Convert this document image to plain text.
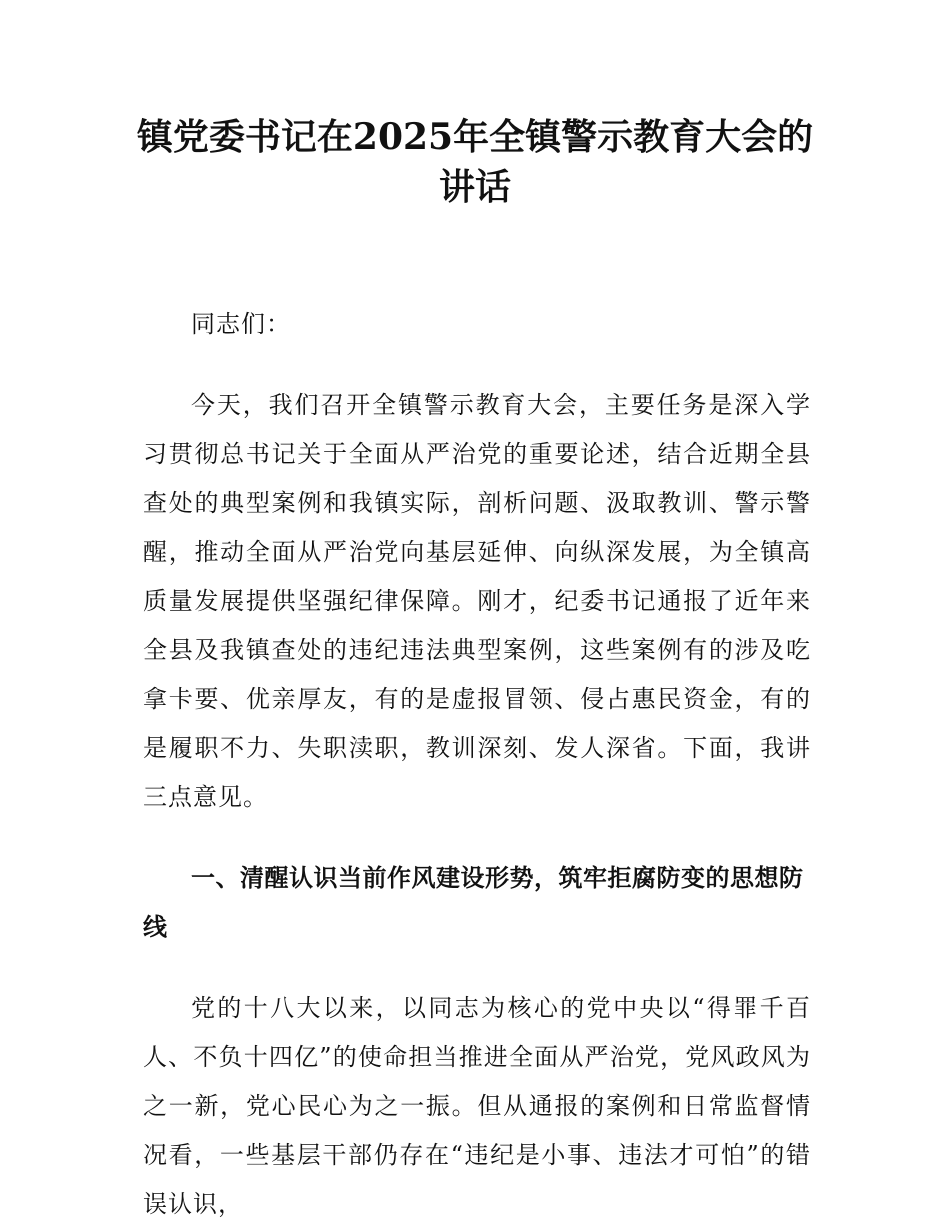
镇党委书记在2025年全镇警示教育大会的讲话

同志们：

今天，我们召开全镇警示教育大会，主要任务是深入学习贯彻总书记关于全面从严治党的重要论述，结合近期全县查处的典型案例和我镇实际，剖析问题、汲取教训、警示警醒，推动全面从严治党向基层延伸、向纵深发展，为全镇高质量发展提供坚强纪律保障。刚才，纪委书记通报了近年来全县及我镇查处的违纪违法典型案例，这些案例有的涉及吃拿卡要、优亲厚友，有的是虚报冒领、侵占惠民资金，有的是履职不力、失职渎职，教训深刻、发人深省。下面，我讲三点意见。

一、清醒认识当前作风建设形势，筑牢拒腐防变的思想防线

党的十八大以来，以同志为核心的党中央以“得罪千百人、不负十四亿”的使命担当推进全面从严治党，党风政风为之一新，党心民心为之一振。但从通报的案例和日常监督情况看，一些基层干部仍存在“违纪是小事、违法才可怕”的错误认识，
